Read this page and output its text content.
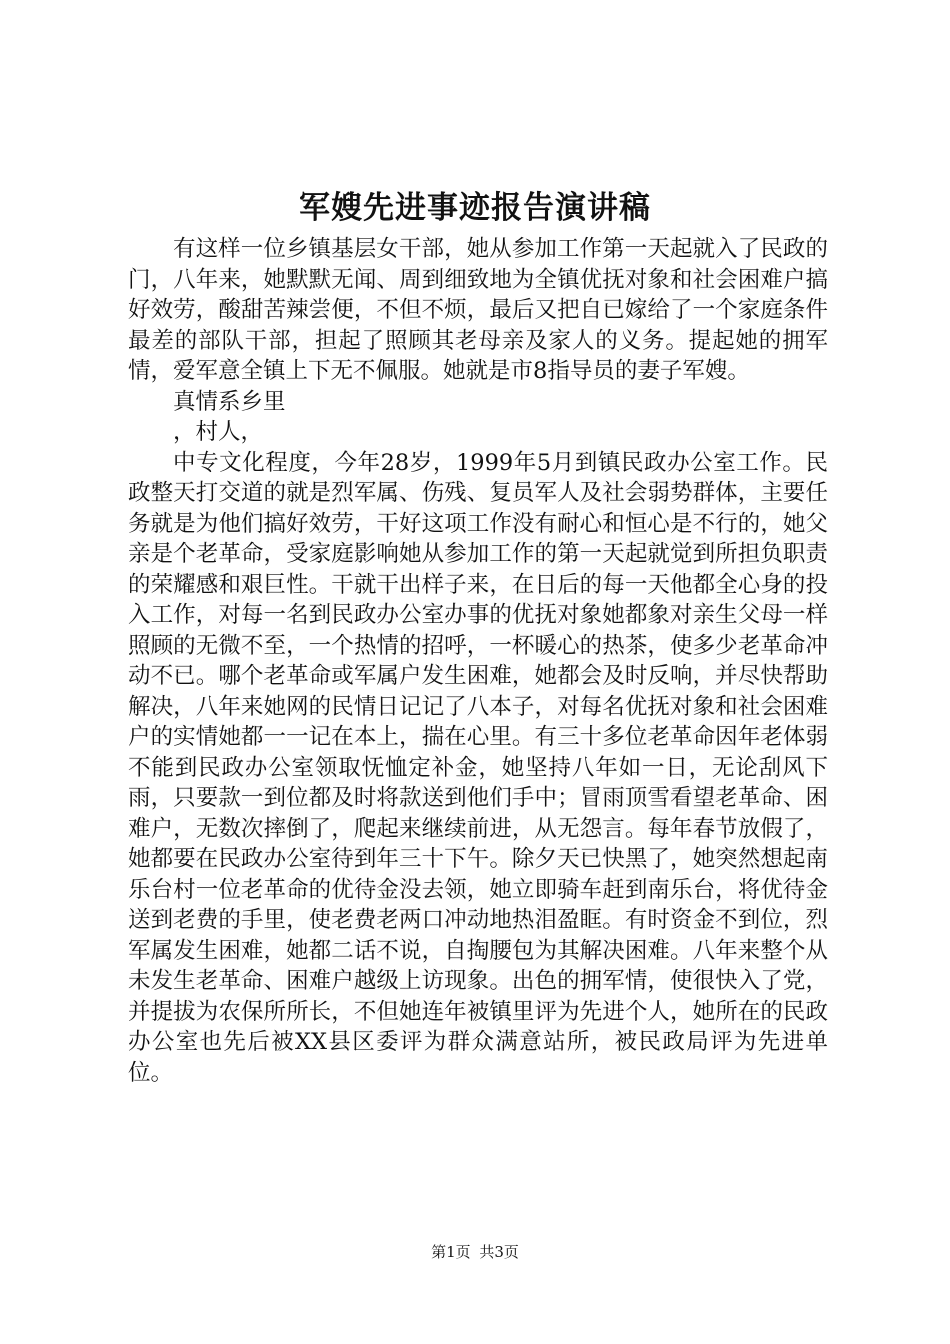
军嫂先进事迹报告演讲稿

有这样一位乡镇基层女干部，她从参加工作第一天起就入了民政的门，八年来，她默默无闻、周到细致地为全镇优抚对象和社会困难户搞好效劳，酸甜苦辣尝便，不但不烦，最后又把自已嫁给了一个家庭条件最差的部队干部，担起了照顾其老母亲及家人的义务。提起她的拥军情，爱军意全镇上下无不佩服。她就是市8指导员的妻子军嫂。

真情系乡里

，村人，

中专文化程度，今年28岁，1999年5月到镇民政办公室工作。民政整天打交道的就是烈军属、伤残、复员军人及社会弱势群体，主要任务就是为他们搞好效劳，干好这项工作没有耐心和恒心是不行的，她父亲是个老革命，受家庭影响她从参加工作的第一天起就觉到所担负职责的荣耀感和艰巨性。干就干出样子来，在日后的每一天他都全心身的投入工作，对每一名到民政办公室办事的优抚对象她都象对亲生父母一样照顾的无微不至，一个热情的招呼，一杯暖心的热茶，使多少老革命冲动不已。哪个老革命或军属户发生困难，她都会及时反响，并尽快帮助解决，八年来她网的民情日记记了八本子，对每名优抚对象和社会困难户的实情她都一一记在本上，揣在心里。有三十多位老革命因年老体弱不能到民政办公室领取怃恤定补金，她坚持八年如一日，无论刮风下雨，只要款一到位都及时将款送到他们手中；冒雨顶雪看望老革命、困难户，无数次摔倒了，爬起来继续前进，从无怨言。每年春节放假了，她都要在民政办公室待到年三十下午。除夕天已快黑了，她突然想起南乐台村一位老革命的优待金没去领，她立即骑车赶到南乐台，将优待金送到老费的手里，使老费老两口冲动地热泪盈眶。有时资金不到位，烈军属发生困难，她都二话不说，自掏腰包为其解决困难。八年来整个从未发生老革命、困难户越级上访现象。出色的拥军情，使很快入了党，并提拔为农保所所长，不但她连年被镇里评为先进个人，她所在的民政办公室也先后被XX县区委评为群众满意站所，被民政局评为先进单位。

第1页 共3页
